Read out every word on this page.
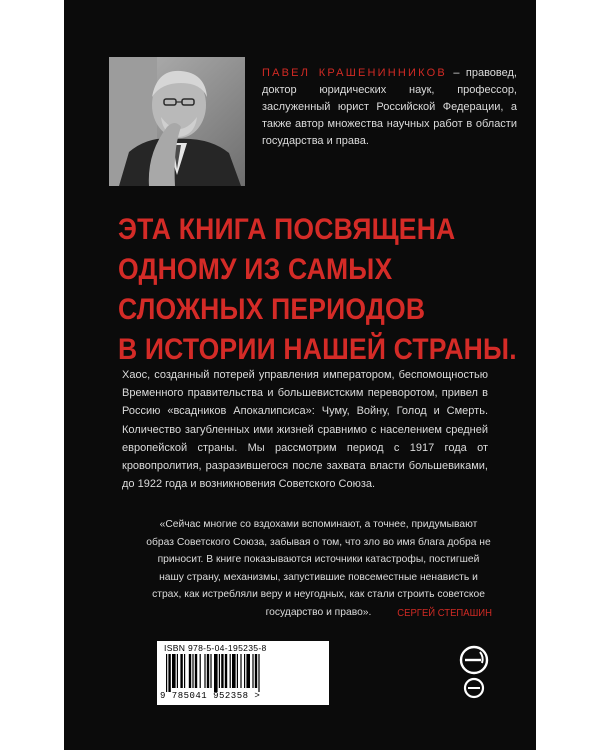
ПАВЕЛ КРАШЕНИННИКОВ – правовед, доктор юридических наук, профессор, заслуженный юрист Российской Федерации, а также автор множества научных работ в области государства и права.
ЭТА КНИГА ПОСВЯЩЕНА
ОДНОМУ ИЗ САМЫХ
СЛОЖНЫХ ПЕРИОДОВ
В ИСТОРИИ НАШЕЙ СТРАНЫ.

Хаос, созданный потерей управления императором, беспомощностью Временного правительства и большевистским переворотом, привел в Россию «всадников Апокалипсиса»: Чуму, Войну, Голод и Смерть. Количество загубленных ими жизней сравнимо с населением средней европейской страны. Мы рассмотрим период с 1917 года от кровопролития, разразившегося после захвата власти большевиками, до 1922 года и возникновения Советского Союза.

«Сейчас многие со вздохами вспоминают, а точнее, придумывают образ Советского Союза, забывая о том, что зло во имя блага добра не приносит. В книге показываются источники катастрофы, постигшей нашу страну, механизмы, запустившие повсеместные ненависть и страх, как истребляли веру и неугодных, как стали строить советское государство и право».	СЕРГЕЙ СТЕПАШИН
ISBN 978-5-04-195235-8
9 785041 952358 >
